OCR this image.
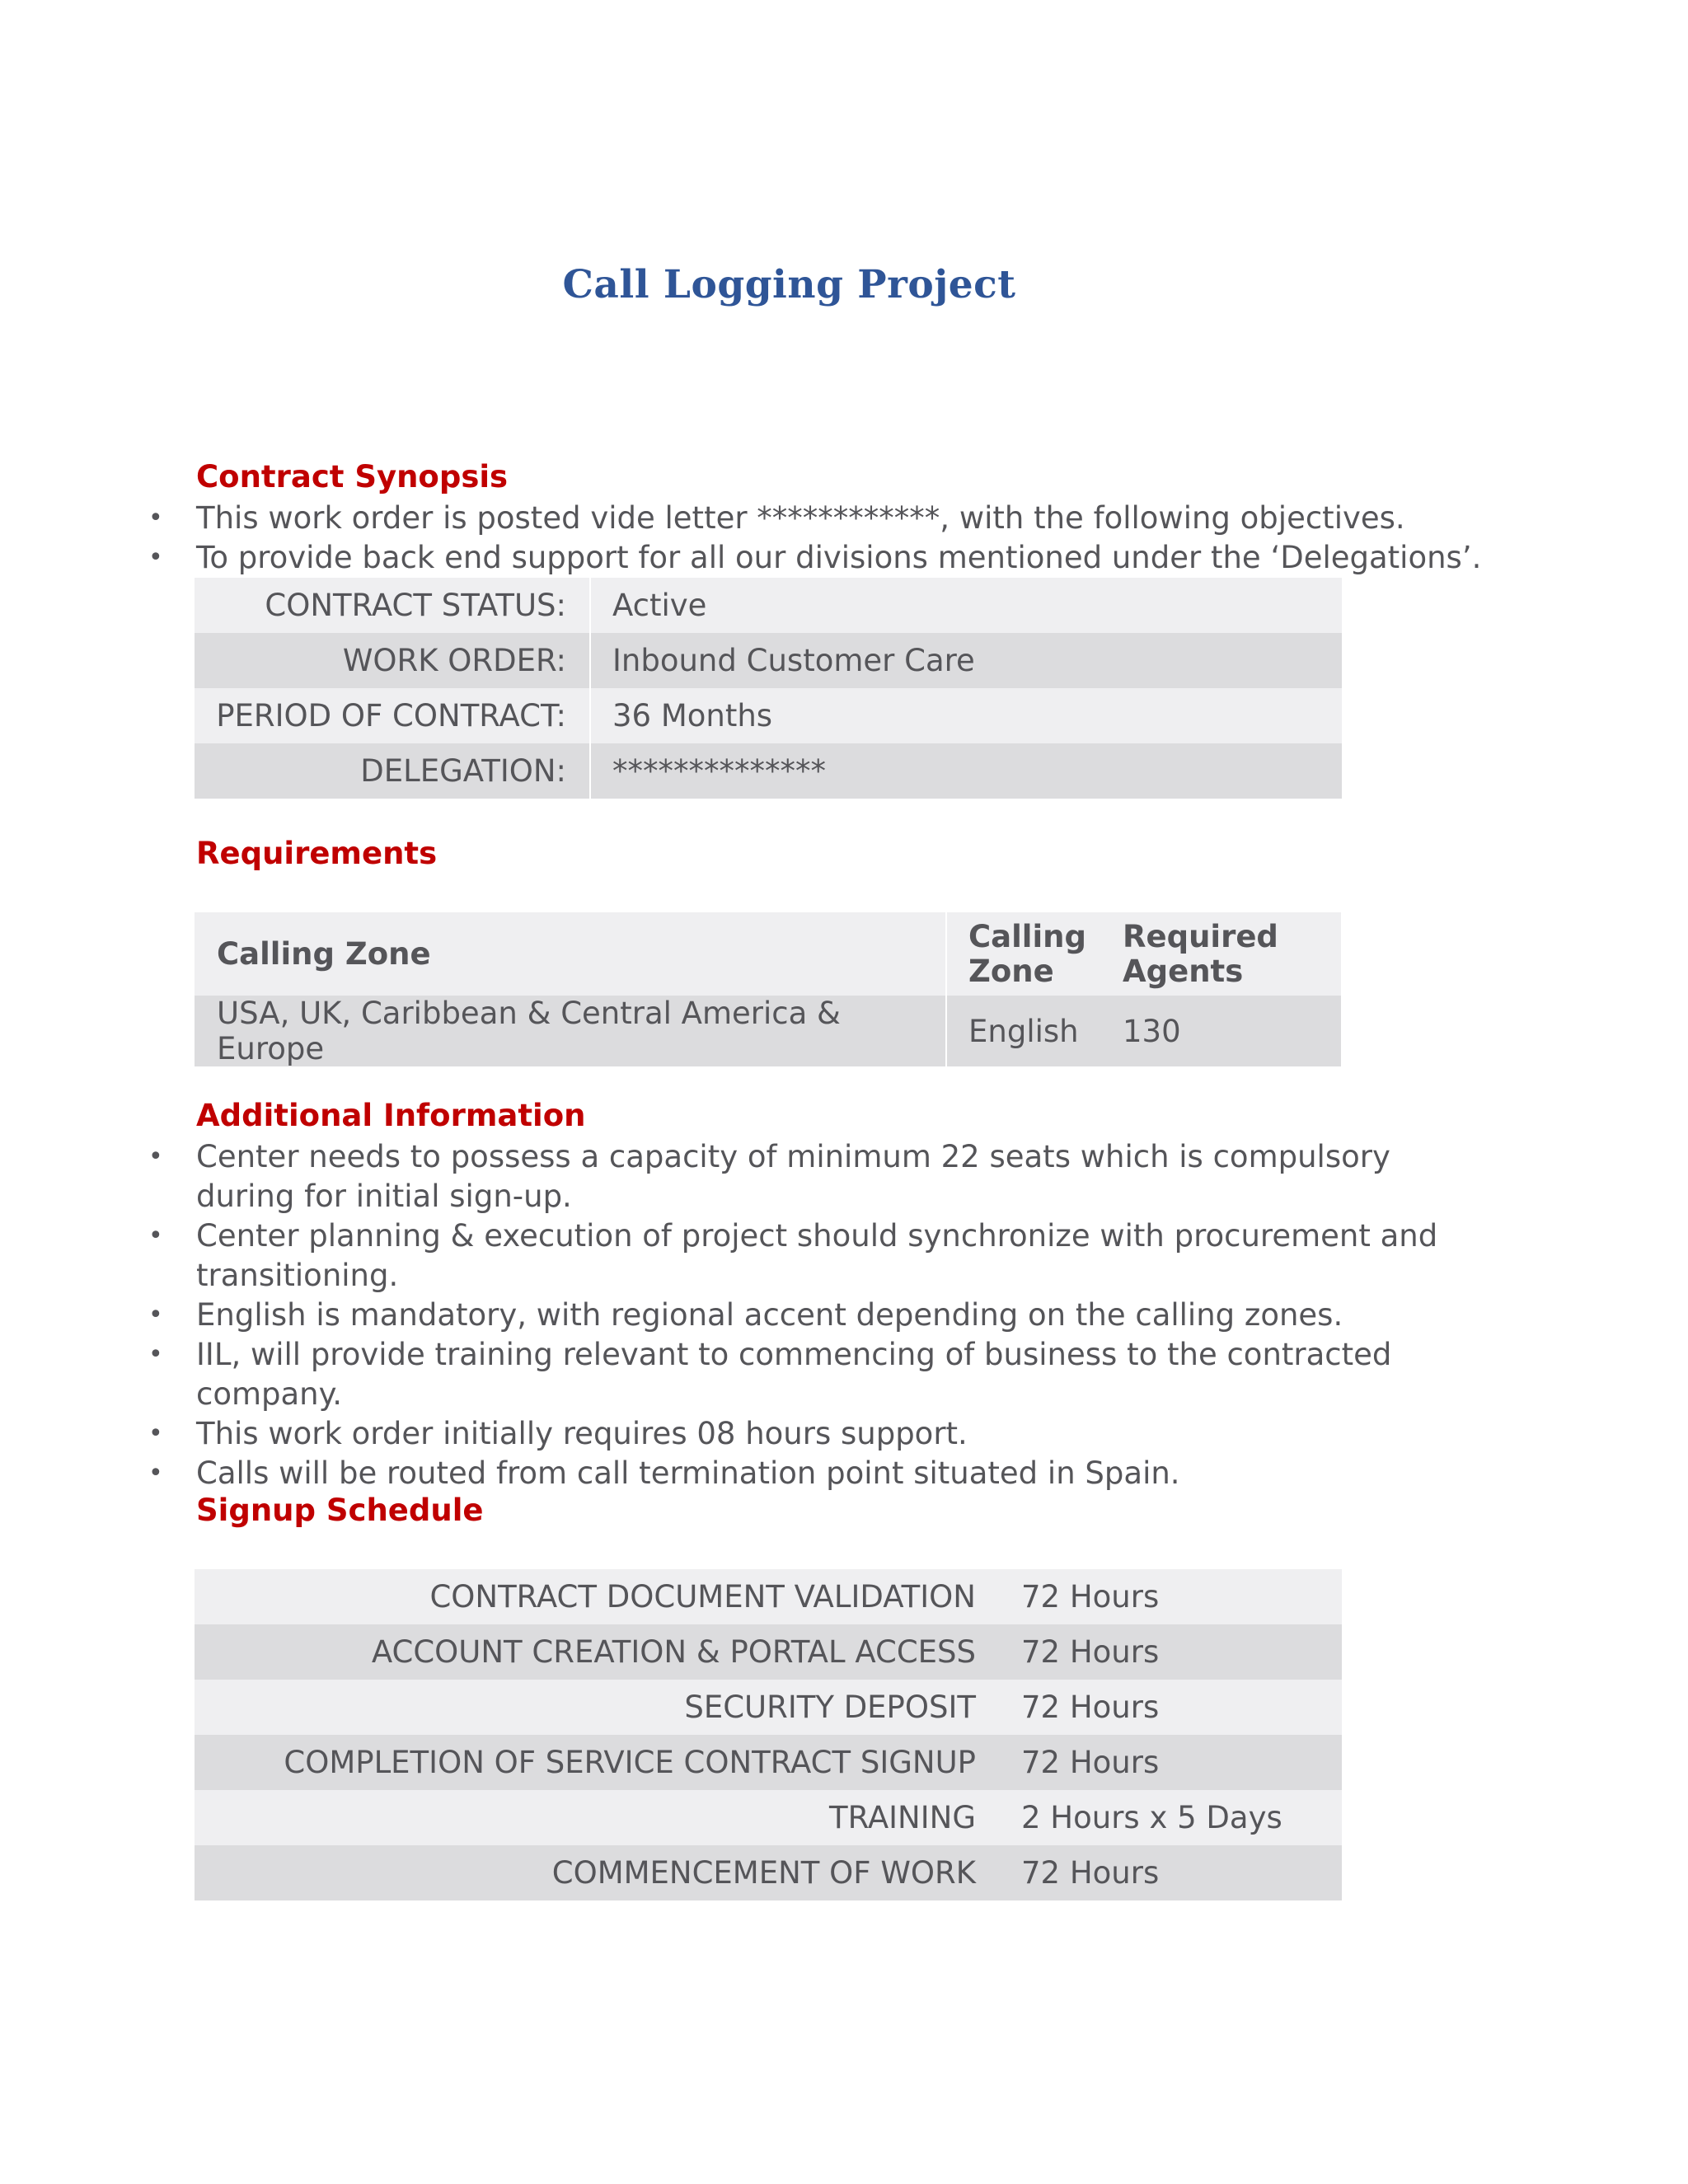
Call Logging Project
Contract Synopsis
• This work order is posted vide letter ************, with the following objectives.
• To provide back end support for all our divisions mentioned under the ‘Delegations’.
CONTRACT STATUS:	Active
WORK ORDER:	Inbound Customer Care
PERIOD OF CONTRACT:	36 Months
DELEGATION:	**************
Requirements
Calling Zone	Calling Zone	Required Agents
USA, UK, Caribbean & Central America & Europe	English	130
Additional Information
• Center needs to possess a capacity of minimum 22 seats which is compulsory during for initial sign-up.
• Center planning & execution of project should synchronize with procurement and transitioning.
• English is mandatory, with regional accent depending on the calling zones.
• IIL, will provide training relevant to commencing of business to the contracted company.
• This work order initially requires 08 hours support.
• Calls will be routed from call termination point situated in Spain.
Signup Schedule
CONTRACT DOCUMENT VALIDATION	72 Hours
ACCOUNT CREATION & PORTAL ACCESS	72 Hours
SECURITY DEPOSIT	72 Hours
COMPLETION OF SERVICE CONTRACT SIGNUP	72 Hours
TRAINING	2 Hours x 5 Days
COMMENCEMENT OF WORK	72 Hours
